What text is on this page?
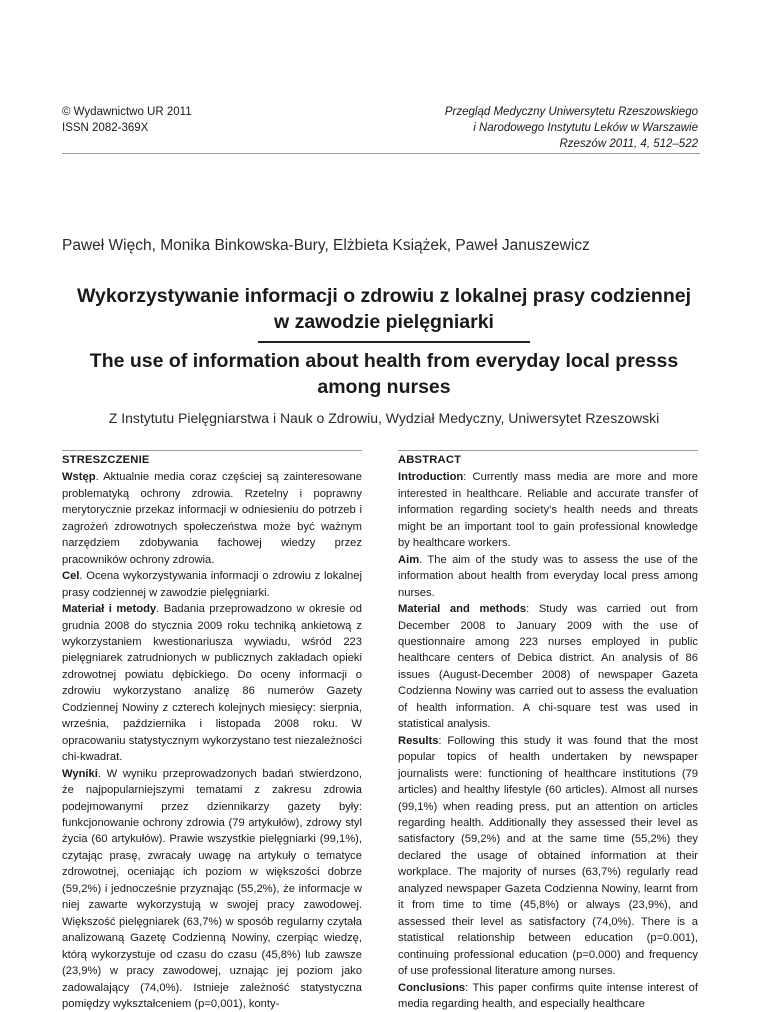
© Wydawnictwo UR 2011
ISSN 2082-369X
Przegląd Medyczny Uniwersytetu Rzeszowskiego
i Narodowego Instytutu Leków w Warszawie
Rzeszów 2011, 4, 512–522
Paweł Więch, Monika Binkowska-Bury, Elżbieta Książek, Paweł Januszewicz
Wykorzystywanie informacji o zdrowiu z lokalnej prasy codziennej
w zawodzie pielęgniarki
The use of information about health from everyday local presss
among nurses
Z Instytutu Pielęgniarstwa i Nauk o Zdrowiu, Wydział Medyczny, Uniwersytet Rzeszowski
STRESZCZENIE

Wstęp. Aktualnie media coraz częściej są zainteresowane problematyką ochrony zdrowia. Rzetelny i poprawny merytorycznie przekaz informacji w odniesieniu do potrzeb i zagrożeń zdrowotnych społeczeństwa może być ważnym narzędziem zdobywania fachowej wiedzy przez pracowników ochrony zdrowia.

Cel. Ocena wykorzystywania informacji o zdrowiu z lokalnej prasy codziennej w zawodzie pielęgniarki.

Materiał i metody. Badania przeprowadzono w okresie od grudnia 2008 do stycznia 2009 roku techniką ankietową z wykorzystaniem kwestionariusza wywiadu, wśród 223 pielęgniarek zatrudnionych w publicznych zakładach opieki zdrowotnej powiatu dębickiego. Do oceny informacji o zdrowiu wykorzystano analizę 86 numerów Gazety Codziennej Nowiny z czterech kolejnych miesięcy: sierpnia, września, października i listopada 2008 roku. W opracowaniu statystycznym wykorzystano test niezależności chi-kwadrat.

Wyniki. W wyniku przeprowadzonych badań stwierdzono, że najpopularniejszymi tematami z zakresu zdrowia podejmowanymi przez dziennikarzy gazety były: funkcjonowanie ochrony zdrowia (79 artykułów), zdrowy styl życia (60 artykułów). Prawie wszystkie pielęgniarki (99,1%), czytając prasę, zwracały uwagę na artykuły o tematyce zdrowotnej, oceniając ich poziom w większości dobrze (59,2%) i jednocześnie przyznając (55,2%), że informacje w niej zawarte wykorzystują w swojej pracy zawodowej. Większość pielęgniarek (63,7%) w sposób regularny czytała analizowaną Gazetę Codzienną Nowiny, czerpiąc wiedzę, którą wykorzystuje od czasu do czasu (45,8%) lub zawsze (23,9%) w pracy zawodowej, uznając jej poziom jako zadowalający (74,0%). Istnieje zależność statystyczna pomiędzy wykształceniem (p=0,001), konty-

ABSTRACT

Introduction: Currently mass media are more and more interested in healthcare. Reliable and accurate transfer of information regarding society’s health needs and threats might be an important tool to gain professional knowledge by healthcare workers.

Aim. The aim of the study was to assess the use of the information about health from everyday local press among nurses.

Material and methods: Study was carried out from December 2008 to January 2009 with the use of questionnaire among 223 nurses employed in public healthcare centers of Debica district. An analysis of 86 issues (August-December 2008) of newspaper Gazeta Codzienna Nowiny was carried out to assess the evaluation of health information. A chi-square test was used in statistical analysis.

Results: Following this study it was found that the most popular topics of health undertaken by newspaper journalists were: functioning of healthcare institutions (79 articles) and healthy lifestyle (60 articles). Almost all nurses (99,1%) when reading press, put an attention on articles regarding health. Additionally they assessed their level as satisfactory (59,2%) and at the same time (55,2%) they declared the usage of obtained information at their workplace. The majority of nurses (63,7%) regularly read analyzed newspaper Gazeta Codzienna Nowiny, learnt from it from time to time (45,8%) or always (23,9%), and assessed their level as satisfactory (74,0%). There is a statistical relationship between education (p=0.001), continuing professional education (p=0.000) and frequency of use professional literature among nurses.

Conclusions: This paper confirms quite intense interest of media regarding health, and especially healthcare
